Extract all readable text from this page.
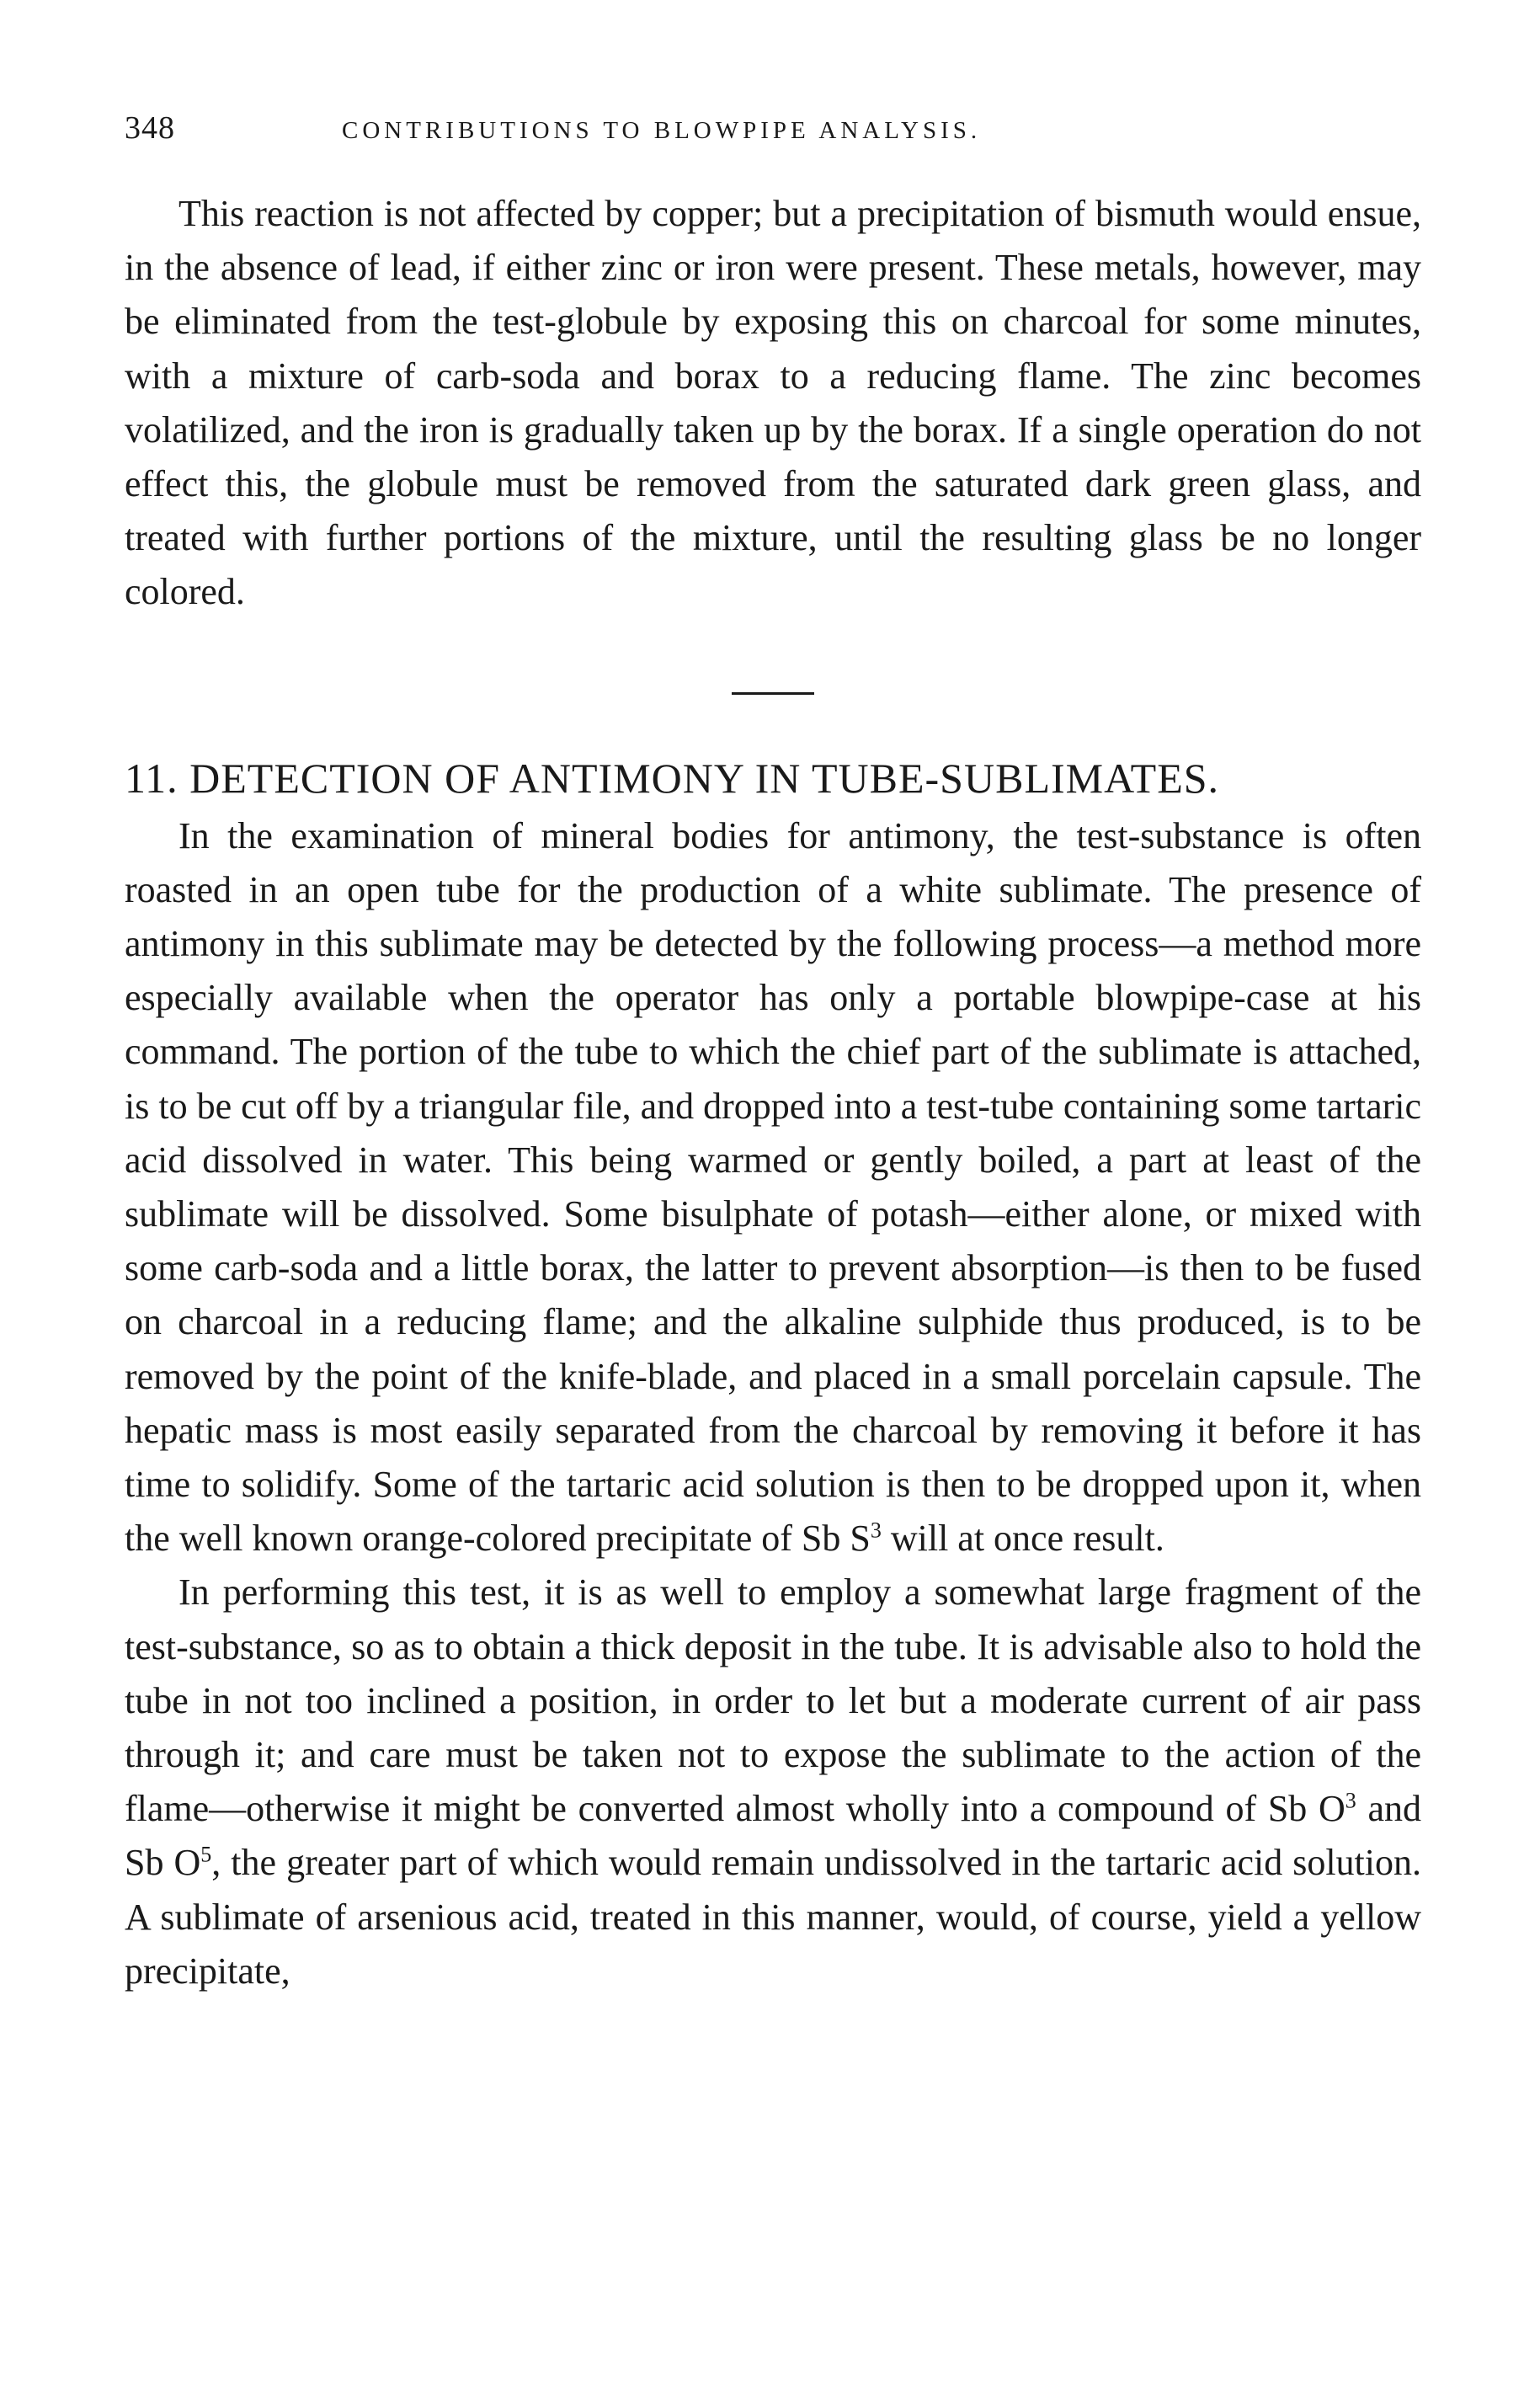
348	CONTRIBUTIONS TO BLOWPIPE ANALYSIS.

This reaction is not affected by copper; but a precipitation of bismuth would ensue, in the absence of lead, if either zinc or iron were present. These metals, however, may be eliminated from the test-globule by exposing this on charcoal for some minutes, with a mixture of carb-soda and borax to a reducing flame. The zinc becomes volatilized, and the iron is gradually taken up by the borax. If a single operation do not effect this, the globule must be removed from the saturated dark green glass, and treated with further portions of the mixture, until the resulting glass be no longer colored.

11. DETECTION OF ANTIMONY IN TUBE-SUBLIMATES.

In the examination of mineral bodies for antimony, the test-substance is often roasted in an open tube for the production of a white sublimate. The presence of antimony in this sublimate may be detected by the following process—a method more especially available when the operator has only a portable blowpipe-case at his command. The portion of the tube to which the chief part of the sublimate is attached, is to be cut off by a triangular file, and dropped into a test-tube containing some tartaric acid dissolved in water. This being warmed or gently boiled, a part at least of the sublimate will be dissolved. Some bisulphate of potash—either alone, or mixed with some carb-soda and a little borax, the latter to prevent absorption—is then to be fused on charcoal in a reducing flame; and the alkaline sulphide thus produced, is to be removed by the point of the knife-blade, and placed in a small porcelain capsule. The hepatic mass is most easily separated from the charcoal by removing it before it has time to solidify. Some of the tartaric acid solution is then to be dropped upon it, when the well known orange-colored precipitate of Sb $S^3$ will at once result.

In performing this test, it is as well to employ a somewhat large fragment of the test-substance, so as to obtain a thick deposit in the tube. It is advisable also to hold the tube in not too inclined a position, in order to let but a moderate current of air pass through it; and care must be taken not to expose the sublimate to the action of the flame—otherwise it might be converted almost wholly into a compound of Sb $O^3$ and Sb $O^5$, the greater part of which would remain undissolved in the tartaric acid solution. A sublimate of arsenious acid, treated in this manner, would, of course, yield a yellow precipitate,
